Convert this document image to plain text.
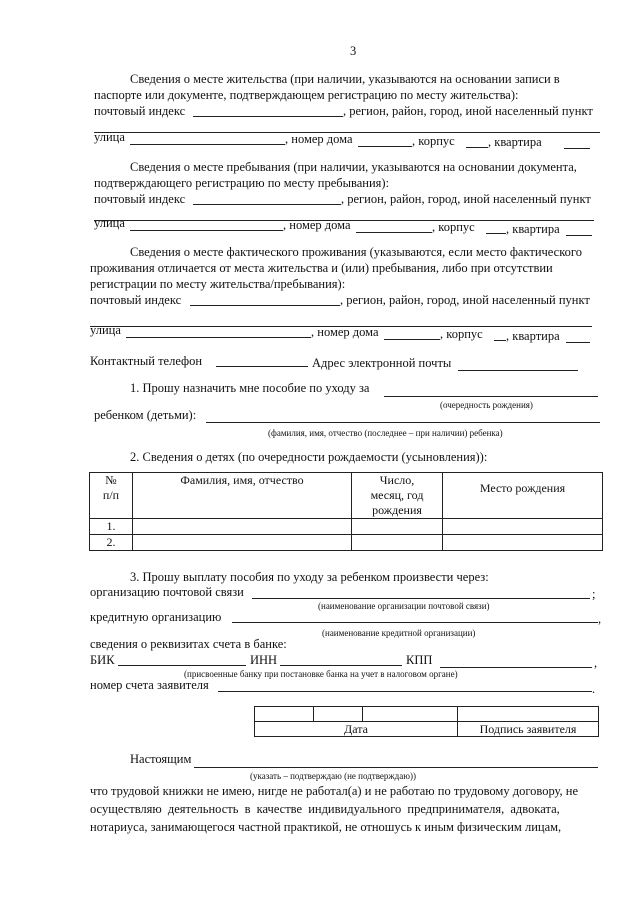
3
Сведения о месте жительства (при наличии, указываются на основании записи в
паспорте или документе, подтверждающем регистрацию по месту жительства):
почтовый индекс	, регион, район, город, иной населенный пункт
улица	, номер дома	, корпус	, квартира
Сведения о месте пребывания (при наличии, указываются на основании документа,
подтверждающего регистрацию по месту пребывания):
почтовый индекс	, регион, район, город, иной населенный пункт
улица	, номер дома	, корпус	, квартира
Сведения о месте фактического проживания (указываются, если место фактического
проживания отличается от места жительства и (или) пребывания, либо при отсутствии
регистрации по месту жительства/пребывания):
почтовый индекс	, регион, район, город, иной населенный пункт
улица	, номер дома	, корпус , квартира
Контактный телефон	Адрес электронной почты
1. Прошу назначить мне пособие по уходу за
(очередность рождения)
ребенком (детьми):
(фамилия, имя, отчество (последнее – при наличии) ребенка)
2. Сведения о детях (по очередности рождаемости (усыновления)):
№
п/п	Фамилия, имя, отчество	Число,
месяц, год
рождения	Место рождения
1.			
2.			
3. Прошу выплату пособия по уходу за ребенком произвести через:
организацию почтовой связи	;
(наименование организации почтовой связи)
кредитную организацию	,
(наименование кредитной организации)
сведения о реквизитах счета в банке:
БИК	ИНН	КПП	,
(присвоенные банку при постановке банка на учет в налоговом органе)
номер счета заявителя	.

Дата			Подпись заявителя
Настоящим
(указать – подтверждаю (не подтверждаю))
что трудовой книжки не имею, нигде не работал(а) и не работаю по трудовому договору, не
осуществляю деятельность в качестве индивидуального предпринимателя, адвоката,
нотариуса, занимающегося частной практикой, не отношусь к иным физическим лицам,
